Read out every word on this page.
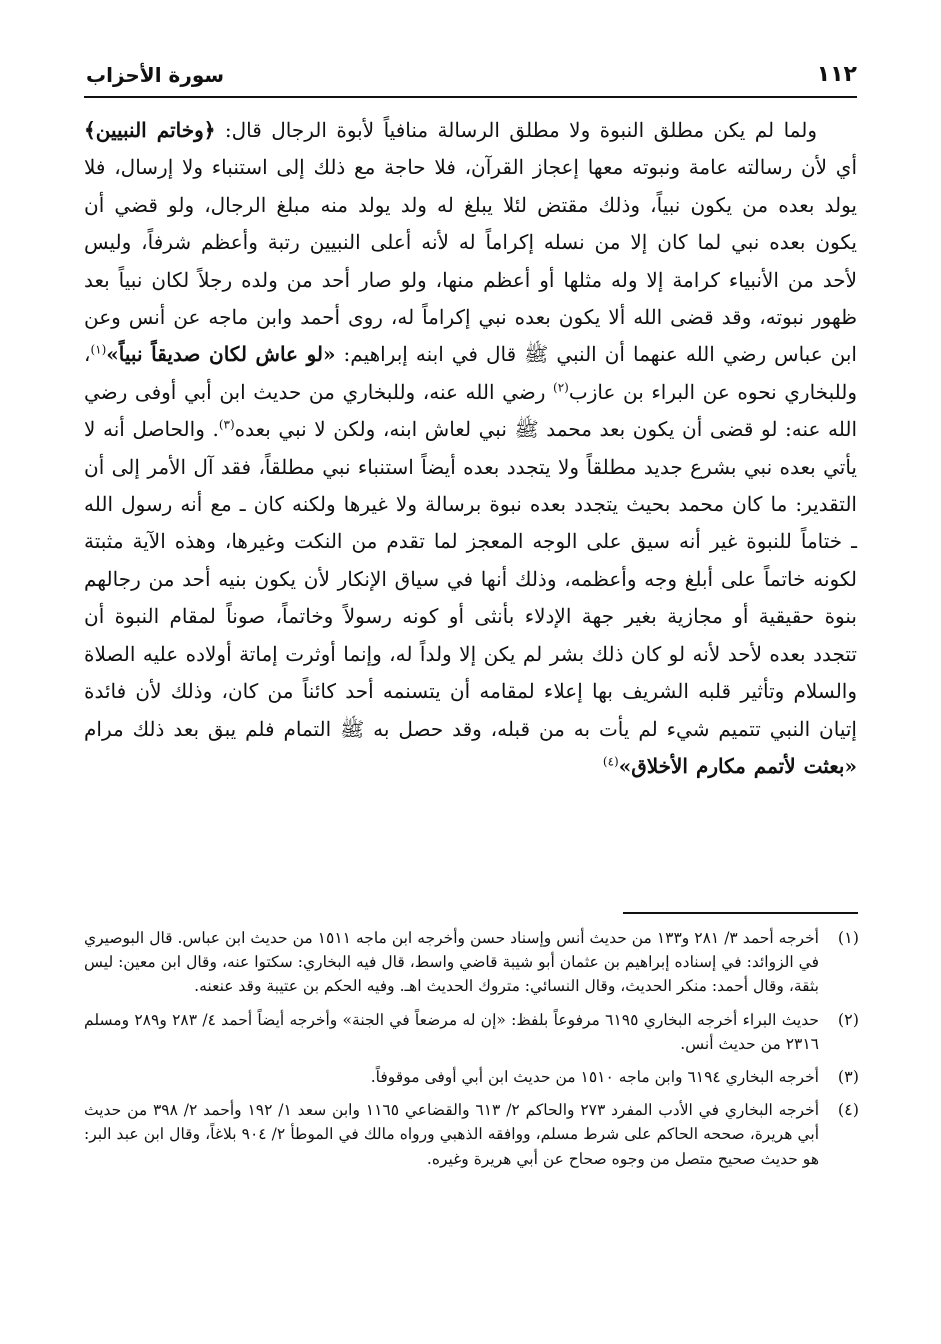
١١٢
سورة الأحزاب

ولما لم يكن مطلق النبوة ولا مطلق الرسالة منافياً لأبوة الرجال قال: ﴿وخاتم النبيين﴾ أي لأن رسالته عامة ونبوته معها إعجاز القرآن، فلا حاجة مع ذلك إلى استنباء ولا إرسال، فلا يولد بعده من يكون نبياً، وذلك مقتض لئلا يبلغ له ولد يولد منه مبلغ الرجال، ولو قضي أن يكون بعده نبي لما كان إلا من نسله إكراماً له لأنه أعلى النبيين رتبة وأعظم شرفاً، وليس لأحد من الأنبياء كرامة إلا وله مثلها أو أعظم منها، ولو صار أحد من ولده رجلاً لكان نبياً بعد ظهور نبوته، وقد قضى الله ألا يكون بعده نبي إكراماً له، روى أحمد وابن ماجه عن أنس وعن ابن عباس رضي الله عنهما أن النبي ﷺ قال في ابنه إبراهيم: «لو عاش لكان صديقاً نبياً»$^{(١)}$، وللبخاري نحوه عن البراء بن عازب$^{(٢)}$ رضي الله عنه، وللبخاري من حديث ابن أبي أوفى رضي الله عنه: لو قضى أن يكون بعد محمد ﷺ نبي لعاش ابنه، ولكن لا نبي بعده$^{(٣)}$. والحاصل أنه لا يأتي بعده نبي بشرع جديد مطلقاً ولا يتجدد بعده أيضاً استنباء نبي مطلقاً، فقد آل الأمر إلى أن التقدير: ما كان محمد بحيث يتجدد بعده نبوة برسالة ولا غيرها ولكنه كان ـ مع أنه رسول الله ـ ختاماً للنبوة غير أنه سيق على الوجه المعجز لما تقدم من النكت وغيرها، وهذه الآية مثبتة لكونه خاتماً على أبلغ وجه وأعظمه، وذلك أنها في سياق الإنكار لأن يكون بنيه أحد من رجالهم بنوة حقيقية أو مجازية بغير جهة الإدلاء بأنثى أو كونه رسولاً وخاتماً، صوناً لمقام النبوة أن تتجدد بعده لأحد لأنه لو كان ذلك بشر لم يكن إلا ولداً له، وإنما أوثرت إماتة أولاده عليه الصلاة والسلام وتأثير قلبه الشريف بها إعلاء لمقامه أن يتسنمه أحد كائناً من كان، وذلك لأن فائدة إتيان النبي تتميم شيء لم يأت به من قبله، وقد حصل به ﷺ التمام فلم يبق بعد ذلك مرام «بعثت لأتمم مكارم الأخلاق»$^{(٤)}$

(١)
أخرجه أحمد ٣/ ٢٨١ و١٣٣ من حديث أنس وإسناد حسن وأخرجه ابن ماجه ١٥١١ من حديث ابن عباس. قال البوصيري في الزوائد: في إسناده إبراهيم بن عثمان أبو شيبة قاضي واسط، قال فيه البخاري: سكتوا عنه، وقال ابن معين: ليس بثقة، وقال أحمد: منكر الحديث، وقال النسائي: متروك الحديث اهـ. وفيه الحكم بن عتيبة وقد عنعنه.
(٢)
حديث البراء أخرجه البخاري ٦١٩٥ مرفوعاً بلفظ: «إن له مرضعاً في الجنة» وأخرجه أيضاً أحمد ٤/ ٢٨٣ و٢٨٩ ومسلم ٢٣١٦ من حديث أنس.
(٣)
أخرجه البخاري ٦١٩٤ وابن ماجه ١٥١٠ من حديث ابن أبي أوفى موقوفاً.
(٤)
أخرجه البخاري في الأدب المفرد ٢٧٣ والحاكم ٢/ ٦١٣ والقضاعي ١١٦٥ وابن سعد ١/ ١٩٢ وأحمد ٢/ ٣٩٨ من حديث أبي هريرة، صححه الحاكم على شرط مسلم، ووافقه الذهبي ورواه مالك في الموطأ ٢/ ٩٠٤ بلاغاً، وقال ابن عبد البر: هو حديث صحيح متصل من وجوه صحاح عن أبي هريرة وغيره.
